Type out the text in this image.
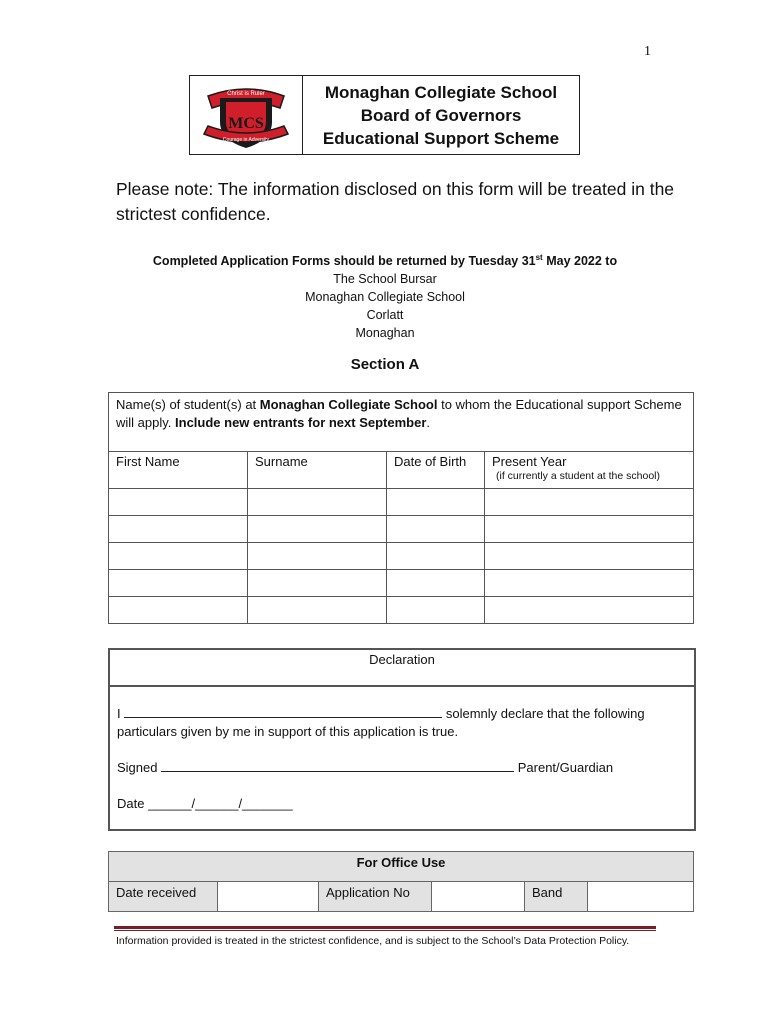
1
Christ is Ruler
MCS
Courage in Adversity
Monaghan Collegiate School
Board of Governors
Educational Support Scheme
Please note: The information disclosed on this form will be treated in the strictest confidence.
Completed Application Forms should be returned by Tuesday 31st May 2022 to
The School Bursar
Monaghan Collegiate School
Corlatt
Monaghan
Section A
Name(s) of student(s) at Monaghan Collegiate School to whom the Educational support Scheme will apply. Include new entrants for next September.			
First Name	Surname	Date of Birth	Present Year
(if currently a student at the school)

Declaration
I	solemnly declare that the following
particulars given by me in support of this application is true.
Signed	Parent/Guardian
Date ______/______/_______
For Office Use
Date received		Application No		Band	
Information provided is treated in the strictest confidence, and is subject to the School’s Data Protection Policy.
